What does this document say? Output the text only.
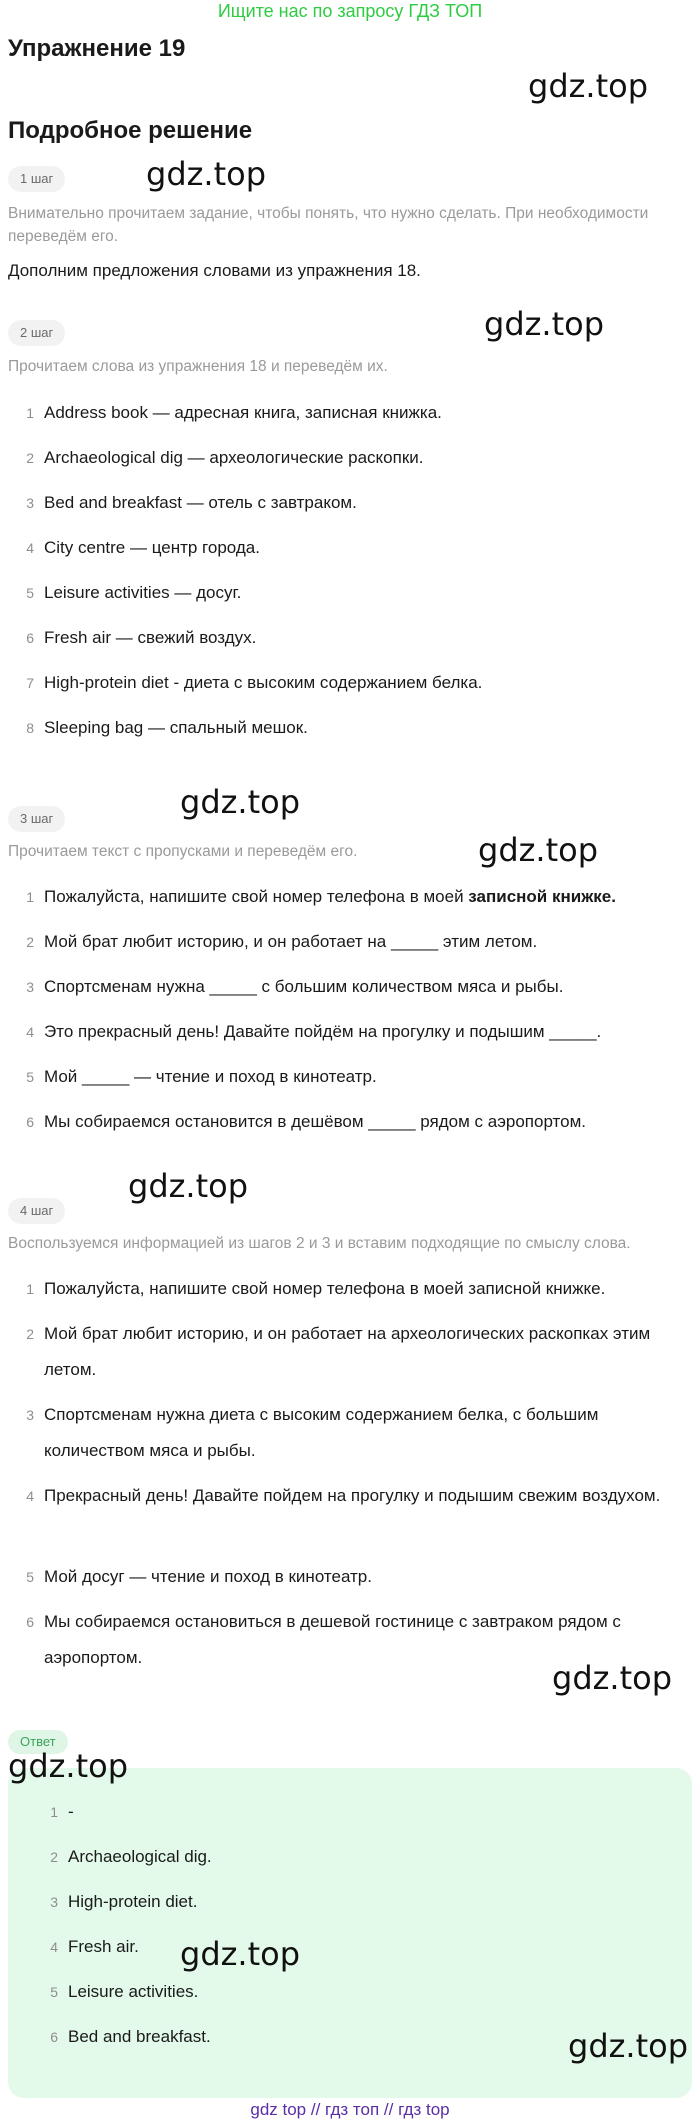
Ищите нас по запросу ГДЗ ТОП
Упражнение 19
gdz.top
Подробное решение
1 шаг	gdz.top
Внимательно прочитаем задание, чтобы понять, что нужно сделать. При необходимости переведём его.
Дополним предложения словами из упражнения 18.
2 шаг	gdz.top
Прочитаем слова из упражнения 18 и переведём их.
1 Address book — адресная книга, записная книжка.
2 Archaeological dig — археологические раскопки.
3 Bed and breakfast — отель с завтраком.
4 City centre — центр города.
5 Leisure activities — досуг.
6 Fresh air — свежий воздух.
7 High-protein diet - диета с высоким содержанием белка.
8 Sleeping bag — спальный мешок.
gdz.top
3 шаг
gdz.top
Прочитаем текст с пропусками и переведём его.
1 Пожалуйста, напишите свой номер телефона в моей записной книжке.
2 Мой брат любит историю, и он работает на _____ этим летом.
3 Спортсменам нужна _____ с большим количеством мяса и рыбы.
4 Это прекрасный день! Давайте пойдём на прогулку и подышим _____.
5 Мой _____ — чтение и поход в кинотеатр.
6 Мы собираемся остановится в дешёвом _____ рядом с аэропортом.
gdz.top
4 шаг
Воспользуемся информацией из шагов 2 и 3 и вставим подходящие по смыслу слова.
1 Пожалуйста, напишите свой номер телефона в моей записной книжке.
2 Мой брат любит историю, и он работает на археологических раскопках этим летом.
3 Спортсменам нужна диета с высоким содержанием белка, с большим количеством мяса и рыбы.
4 Прекрасный день! Давайте пойдем на прогулку и подышим свежим воздухом.
5 Мой досуг — чтение и поход в кинотеатр.
6 Мы собираемся остановиться в дешевой гостинице с завтраком рядом с аэропортом.
gdz.top
Ответ
1 -
2 Archaeological dig.
3 High-protein diet.
4 Fresh air.
5 Leisure activities.
6 Bed and breakfast.
gdz.top
gdz.top
gdz.top
gdz top // гдз топ // гдз top
